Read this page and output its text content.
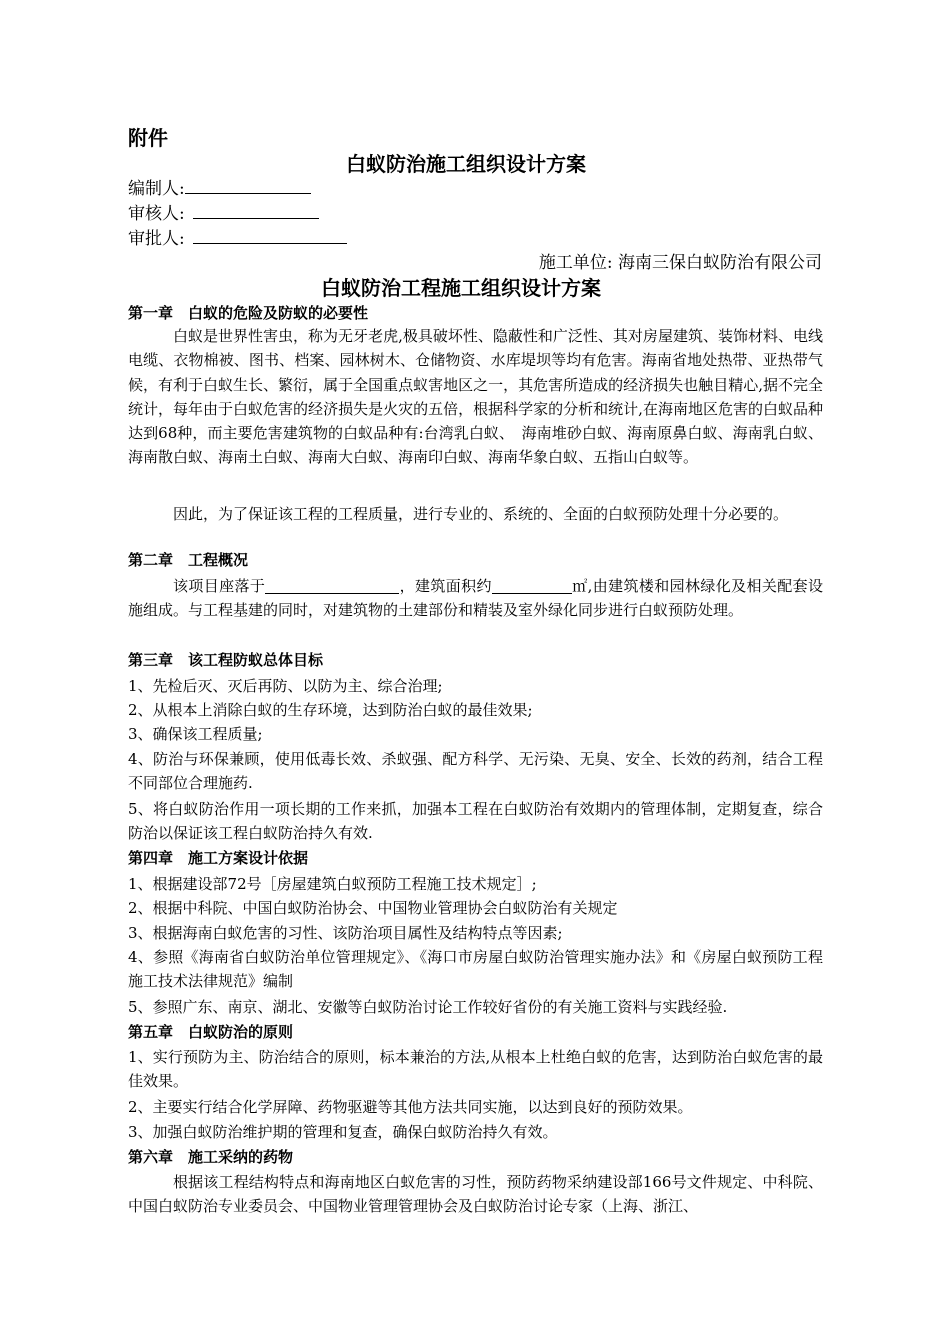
附件
白蚁防治施工组织设计方案
编制人:
审核人:
审批人:
施工单位: 海南三保白蚁防治有限公司
白蚁防治工程施工组织设计方案
第一章　白蚁的危险及防蚁的必要性
白蚁是世界性害虫，称为无牙老虎,极具破坏性、隐蔽性和广泛性、其对房屋建筑、装饰材料、电线电缆、衣物棉被、图书、档案、园林树木、仓储物资、水库堤坝等均有危害。海南省地处热带、亚热带气候，有利于白蚁生长、繁衍，属于全国重点蚁害地区之一，其危害所造成的经济损失也触目精心,据不完全统计，每年由于白蚁危害的经济损失是火灾的五倍，根据科学家的分析和统计,在海南地区危害的白蚁品种达到68种，而主要危害建筑物的白蚁品种有:台湾乳白蚁、　海南堆砂白蚁、海南原鼻白蚁、海南乳白蚁、海南散白蚁、海南土白蚁、海南大白蚁、海南印白蚁、海南华象白蚁、五指山白蚁等。
因此，为了保证该工程的工程质量，进行专业的、系统的、全面的白蚁预防处理十分必要的。
第二章　工程概况
该项目座落于	，建筑面积约	㎡,由建筑楼和园林绿化及相关配套设施组成。与工程基建的同时，对建筑物的土建部份和精装及室外绿化同步进行白蚁预防处理。
第三章　该工程防蚁总体目标
1、先检后灭、灭后再防、以防为主、综合治理;
2、从根本上消除白蚁的生存环境，达到防治白蚁的最佳效果;
3、确保该工程质量;
4、防治与环保兼顾，使用低毒长效、杀蚁强、配方科学、无污染、无臭、安全、长效的药剂，结合工程不同部位合理施药.
5、将白蚁防治作用一项长期的工作来抓，加强本工程在白蚁防治有效期内的管理体制，定期复查，综合防治以保证该工程白蚁防治持久有效.
第四章　施工方案设计依据
1、根据建设部72号［房屋建筑白蚁预防工程施工技术规定］;
2、根据中科院、中国白蚁防治协会、中国物业管理协会白蚁防治有关规定
3、根据海南白蚁危害的习性、该防治项目属性及结构特点等因素;
4、参照《海南省白蚁防治单位管理规定》、《海口市房屋白蚁防治管理实施办法》和《房屋白蚁预防工程施工技术法律规范》编制
5、参照广东、南京、湖北、安徽等白蚁防治讨论工作较好省份的有关施工资料与实践经验.
第五章　白蚁防治的原则
1、实行预防为主、防治结合的原则，标本兼治的方法,从根本上杜绝白蚁的危害，达到防治白蚁危害的最佳效果。
2、主要实行结合化学屏障、药物驱避等其他方法共同实施，以达到良好的预防效果。
3、加强白蚁防治维护期的管理和复查，确保白蚁防治持久有效。
第六章　施工采纳的药物
根据该工程结构特点和海南地区白蚁危害的习性，预防药物采纳建设部166号文件规定、中科院、中国白蚁防治专业委员会、中国物业管理管理协会及白蚁防治讨论专家（上海、浙江、
